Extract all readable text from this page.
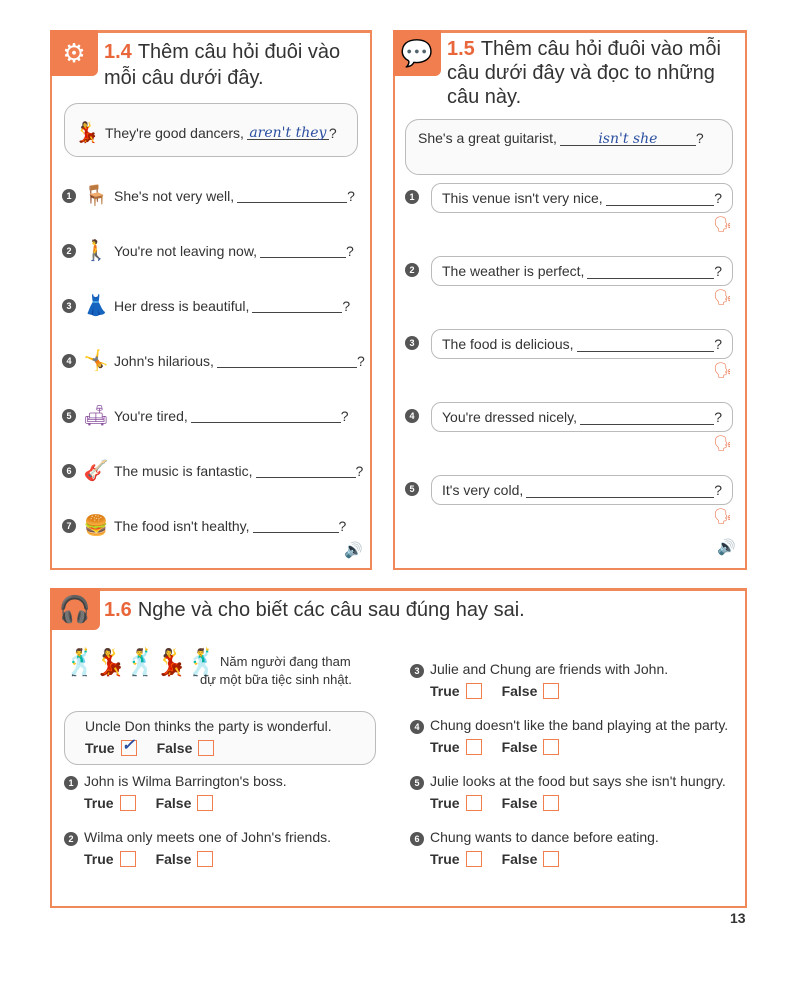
⚙ 1.4 Thêm câu hỏi đuôi vào mỗi câu dưới đây.
💃 They're good dancers, aren't they ?
1 🪑 She's not very well,	?
2 🚶 You're not leaving now,	?
3 👗 Her dress is beautiful,	?
4 🤸 John's hilarious,	?
5 🛋 You're tired,	?
6 🎸 The music is fantastic,	?
7 🍔 The food isn't healthy,	?
🔊
💬 1.5 Thêm câu hỏi đuôi vào mỗi câu dưới đây và đọc to những câu này.
She's a great guitarist,	isn't she	?
1	This venue isn't very nice,	?
🗣
2	The weather is perfect,	?
🗣
3	The food is delicious,	?
🗣
4	You're dressed nicely,	?
🗣
5	It's very cold,	?
🗣
🔊
🎧 1.6 Nghe và cho biết các câu sau đúng hay sai.
🕺💃🕺💃🕺 Năm người đang tham dự một bữa tiệc sinh nhật.
Uncle Don thinks the party is wonderful.
True ✓ False
1 John is Wilma Barrington's boss.
True	False
2 Wilma only meets one of John's friends.
True	False
3 Julie and Chung are friends with John.
True	False
4 Chung doesn't like the band playing at the party.
True	False
5 Julie looks at the food but says she isn't hungry.
True	False
6 Chung wants to dance before eating.
True	False
13
